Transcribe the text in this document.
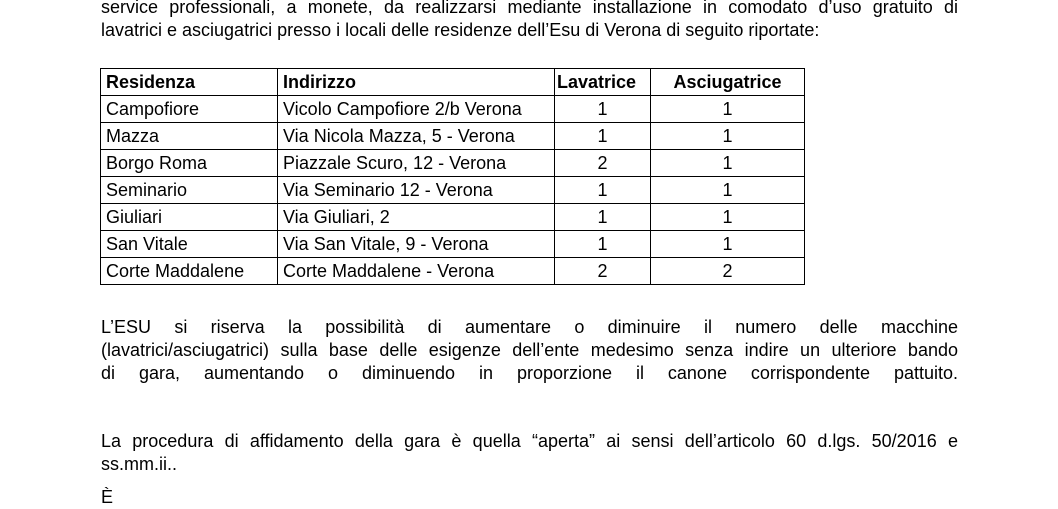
service professionali, a monete, da realizzarsi mediante installazione in comodato d’uso gratuito di
lavatrici e asciugatrici presso i locali delle residenze dell’Esu di Verona di seguito riportate:
Residenza	Indirizzo	Lavatrice	Asciugatrice
Campofiore	Vicolo Campofiore 2/b Verona	1	1
Mazza	Via Nicola Mazza, 5 - Verona	1	1
Borgo Roma	Piazzale Scuro, 12 - Verona	2	1
Seminario	Via Seminario 12 - Verona	1	1
Giuliari	Via Giuliari, 2	1	1
San Vitale	Via San Vitale, 9 - Verona	1	1
Corte Maddalene	Corte Maddalene - Verona	2	2
L’ESU si riserva la possibilità di aumentare o diminuire il numero delle macchine
(lavatrici/asciugatrici) sulla base delle esigenze dell’ente medesimo senza indire un ulteriore bando
di gara, aumentando o diminuendo in proporzione il canone corrispondente pattuito.
La procedura di affidamento della gara è quella “aperta” ai sensi dell’articolo 60 d.lgs. 50/2016 e
ss.mm.ii..
È
